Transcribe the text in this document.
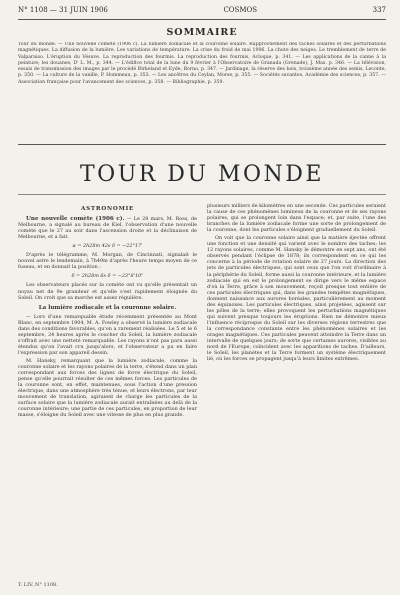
N° 1108 — 31 JUIN 1906	COSMOS	337
SOMMAIRE
Tour du monde. — Une nouvelle comète (1906 c). La lumière zodiacale et la couronne solaire. Rapprochement des taches solaires et des perturbations magnétiques. La diffusion de la lumière. Les variations de température. La crise du froid de mai 1906. La chute des neiges. Le tremblement de terre de Valparaiso. L'éruption du Vésuve. La reproduction des fourmis. La reproduction des fourmis, Acloque, p. 341. — Les applications de la canne à la peinture; les douanes, D' L. M., p. 344. — L'édifice total de la lune du 9 février à l'Observatoire de Granada (Grenade), J. Mas. p. 346. — La télévision, essais de transmission des images par le procédé Birkeland et Eyde, Borno, p. 347. — Jardinage, la réserve des bois, troisième année des semis, Leconte, p. 350. — La culture de la vanille, P. Hommeau, p. 353. — Les ancêtres du Ceylan, Morse, p. 355. — Sociétés savantes, Académie des sciences, p. 357. — Association française pour l'avancement des sciences, p. 358. — Bibliographie, p. 359.
TOUR DU MONDE
ASTRONOMIE

Une nouvelle comète (1906 c). — Le 28 mars, M. Ross, de Melbourne, a signalé au bureau de Kiel, l'observation d'une nouvelle comète que le 27 au soir dans l'ascension droite et la déclinaison de Melbourne, et a fait.

α = 2h28m 42s δ = −22°17'

D'après le télégramme, M. Morgan, de Cincinnati, signalait le nouvel astre le lendemain, à 7h49m d'après l'heure temps moyen de ce fuseau, et en donnait la position :

δ = 2h28m 6s δ = −23°8'10"

Les observateurs placés sur la comète ont vu qu'elle présentait un noyau net de 9e grandeur et qu'elle s'est rapidement éloignée du Soleil. On croit que sa marche est assez régulière.

La lumière zodiacale et la couronne solaire.

— Lors d'une remarquable étude récemment présentée au Mont Blanc, en septembre 1904, M. A. Fowley a observé la lumière zodiacale dans des conditions favorables, qu'on a rarement réalisées. Le 5 et le 6 septembre, 24 heures après le coucher du Soleil, la lumière zodiacale s'offrait avec une netteté remarquable. Les rayons n'ont pas paru aussi étendus qu'on l'avait cru jusqu'alors, et l'observateur a pu en faire l'expression par son appareil dessin.

M. Hansky, remarquant que la lumière zodiacale, comme la couronne solaire et les rayons polaires de la terre, s'étend dans un plan correspondant aux forces des lignes de force électrique du Soleil, pense qu'elle pourrait résulter de ces mêmes forces. Les particules de la couronne sont, en effet, maintenues, sous l'action d'une pression électrique, dans une atmosphère très ténue, et leurs électrons, par leur mouvement de translation, agiraient de charge les particules de la surface solaire que la lumière zodiacale aurait entraînées au delà de la couronne intérieure; une partie de ces particules, en proportion de leur masse, s'éloigne du Soleil avec une vitesse de plus en plus grande.

plusieurs milliers de kilomètres en une seconde. Ces particules seraient la cause de ces phénomènes lumineux de la couronne et de ses rayons polaires, qui se prolongent loin dans l'espace; et, par suite, l'une des branches de la lumière zodiacale forme une sorte de prolongement de la couronne, dont les particules s'éloignent graduellement du Soleil.

On voit que la couronne solaire ainsi que la matière éjectée offrent une fonction et une densité qui varient avec le nombre des taches; les 12 rayons solaires, comme M. Hansky le démontre en sept ans, ont été observés pendant l'éclipse de 1878; ils correspondent en ce qui les concerne à la période de rotation solaire de 27 jours. La direction des jets de particules électriques, qui sont ceux que l'on voit d'ordinaire à la périphérie du Soleil, forme aussi la couronne intérieure, et la lumière zodiacale qui en est le prolongement se dirige vers le même espace d'où la Terre, grâce à son mouvement, reçoit presque tout entière de ces particules électriques qui, dans les grandes tempêtes magnétiques, donnent naissance aux aurores boréales, particulièrement au moment des équinoxes. Les particules électriques, ainsi projetées, agissent sur les pôles de la terre; elles provoquent les perturbations magnétiques qui suivent presque toujours les éruptions. Rien ne démontre mieux l'influence réciproque du Soleil sur les diverses régions terrestres que la correspondance constante entre les phénomènes solaires et les orages magnétiques. Ces particules peuvent atteindre la Terre dans un intervalle de quelques jours; de sorte que certaines aurores, visibles au nord de l'Europe, coïncident avec les apparitions de taches. D'ailleurs, le Soleil, les planètes et la Terre forment un système électriquement lié, où les forces se propagent jusqu'à leurs limites extrêmes.

T. LIV. N° 1108.
